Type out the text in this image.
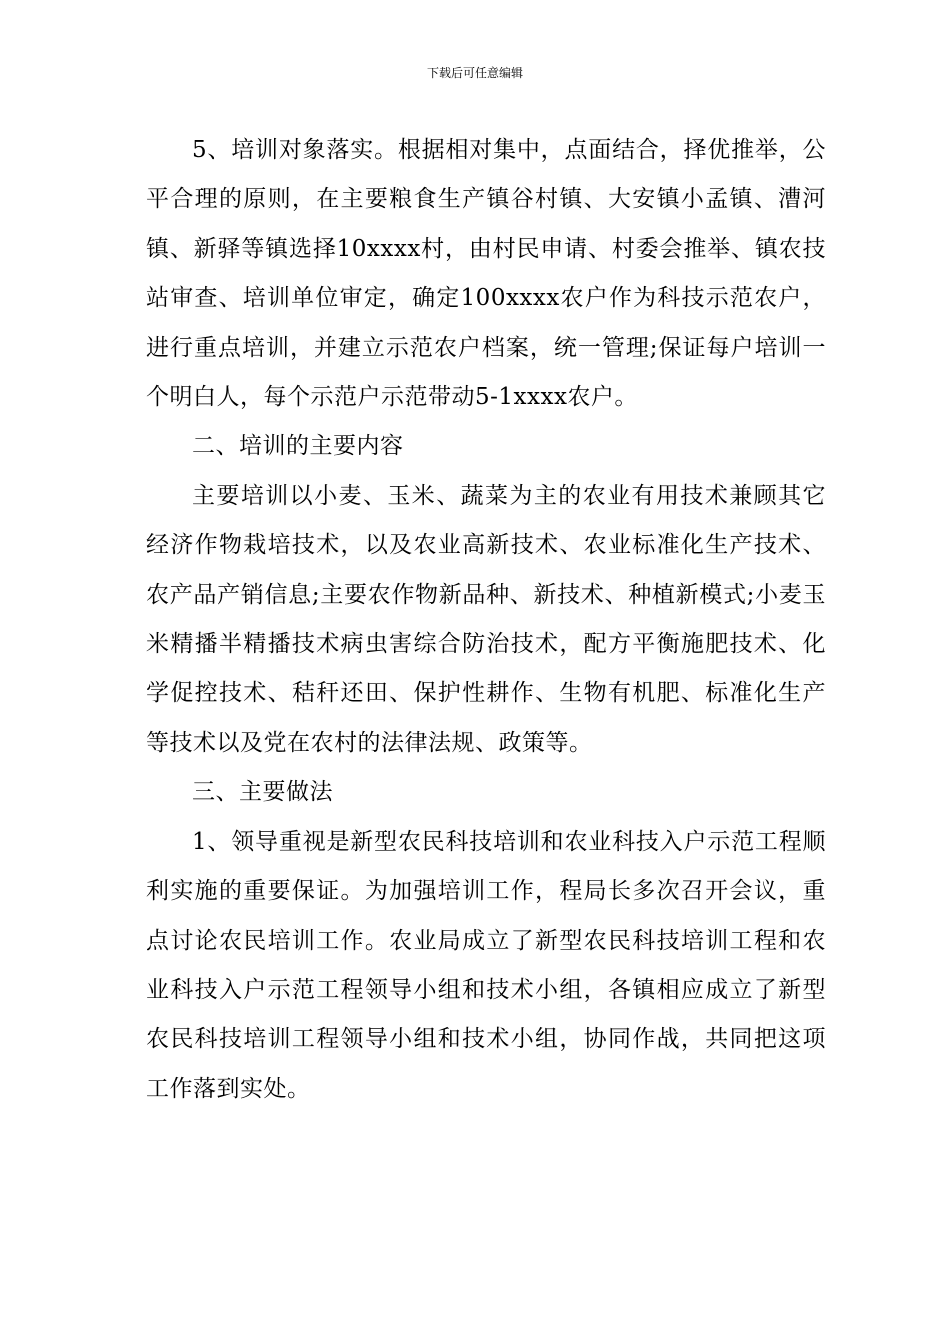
下载后可任意编辑

5、培训对象落实。根据相对集中，点面结合，择优推举，公平合理的原则，在主要粮食生产镇谷村镇、大安镇小孟镇、漕河镇、新驿等镇选择10xxxx村，由村民申请、村委会推举、镇农技站审查、培训单位审定，确定100xxxx农户作为科技示范农户，进行重点培训，并建立示范农户档案，统一管理;保证每户培训一个明白人，每个示范户示范带动5-1xxxx农户。

二、培训的主要内容

主要培训以小麦、玉米、蔬菜为主的农业有用技术兼顾其它经济作物栽培技术，以及农业高新技术、农业标准化生产技术、农产品产销信息;主要农作物新品种、新技术、种植新模式;小麦玉米精播半精播技术病虫害综合防治技术，配方平衡施肥技术、化学促控技术、秸秆还田、保护性耕作、生物有机肥、标准化生产等技术以及党在农村的法律法规、政策等。

三、主要做法

1、领导重视是新型农民科技培训和农业科技入户示范工程顺利实施的重要保证。为加强培训工作，程局长多次召开会议，重点讨论农民培训工作。农业局成立了新型农民科技培训工程和农业科技入户示范工程领导小组和技术小组，各镇相应成立了新型农民科技培训工程领导小组和技术小组，协同作战，共同把这项工作落到实处。
